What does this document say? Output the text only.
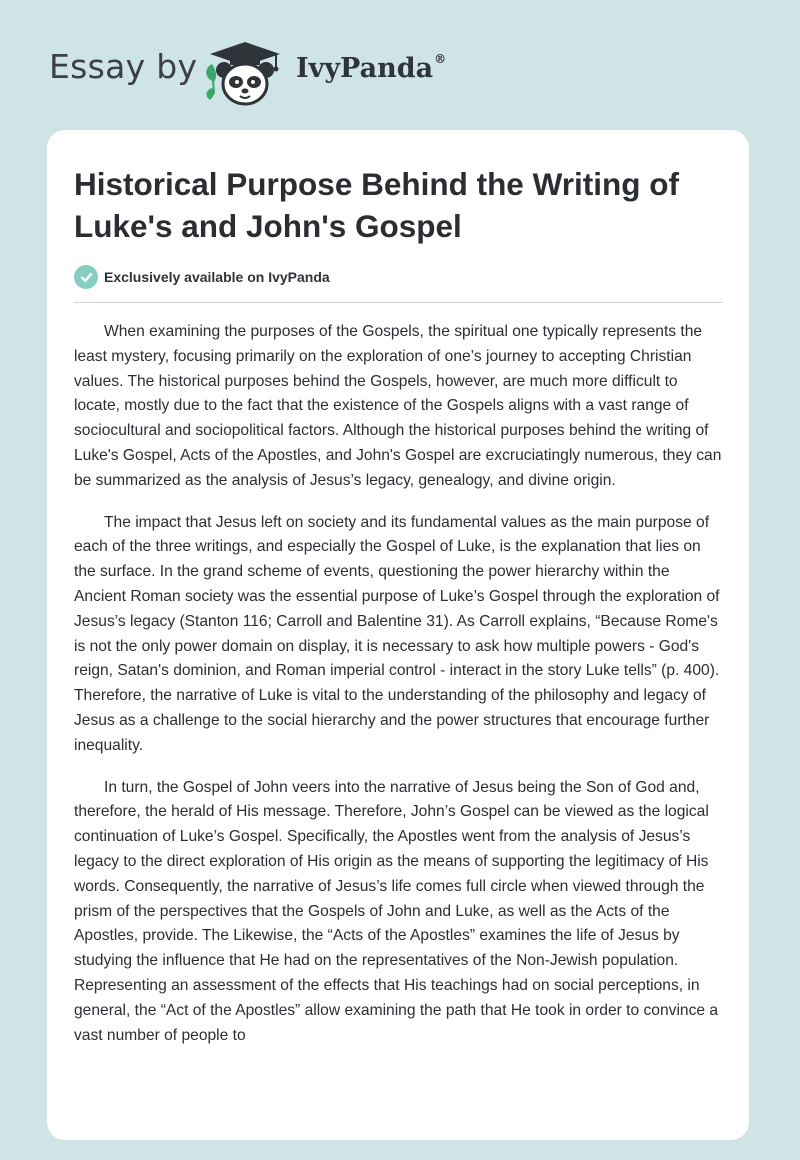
Essay by	IvyPanda®
Historical Purpose Behind the Writing of Luke's and John's Gospel
Exclusively available on IvyPanda

When examining the purposes of the Gospels, the spiritual one typically represents the least mystery, focusing primarily on the exploration of one’s journey to accepting Christian values. The historical purposes behind the Gospels, however, are much more difficult to locate, mostly due to the fact that the existence of the Gospels aligns with a vast range of sociocultural and sociopolitical factors. Although the historical purposes behind the writing of Luke's Gospel, Acts of the Apostles, and John's Gospel are excruciatingly numerous, they can be summarized as the analysis of Jesus’s legacy, genealogy, and divine origin.

The impact that Jesus left on society and its fundamental values as the main purpose of each of the three writings, and especially the Gospel of Luke, is the explanation that lies on the surface. In the grand scheme of events, questioning the power hierarchy within the Ancient Roman society was the essential purpose of Luke’s Gospel through the exploration of Jesus’s legacy (Stanton 116; Carroll and Balentine 31). As Carroll explains, “Because Rome's is not the only power domain on display, it is necessary to ask how multiple powers - God's reign, Satan's dominion, and Roman imperial control - interact in the story Luke tells” (p. 400). Therefore, the narrative of Luke is vital to the understanding of the philosophy and legacy of Jesus as a challenge to the social hierarchy and the power structures that encourage further inequality.

In turn, the Gospel of John veers into the narrative of Jesus being the Son of God and, therefore, the herald of His message. Therefore, John’s Gospel can be viewed as the logical continuation of Luke’s Gospel. Specifically, the Apostles went from the analysis of Jesus’s legacy to the direct exploration of His origin as the means of supporting the legitimacy of His words. Consequently, the narrative of Jesus’s life comes full circle when viewed through the prism of the perspectives that the Gospels of John and Luke, as well as the Acts of the Apostles, provide. The Likewise, the “Acts of the Apostles” examines the life of Jesus by studying the influence that He had on the representatives of the Non-Jewish population. Representing an assessment of the effects that His teachings had on social perceptions, in general, the “Act of the Apostles” allow examining the path that He took in order to convince a vast number of people to
